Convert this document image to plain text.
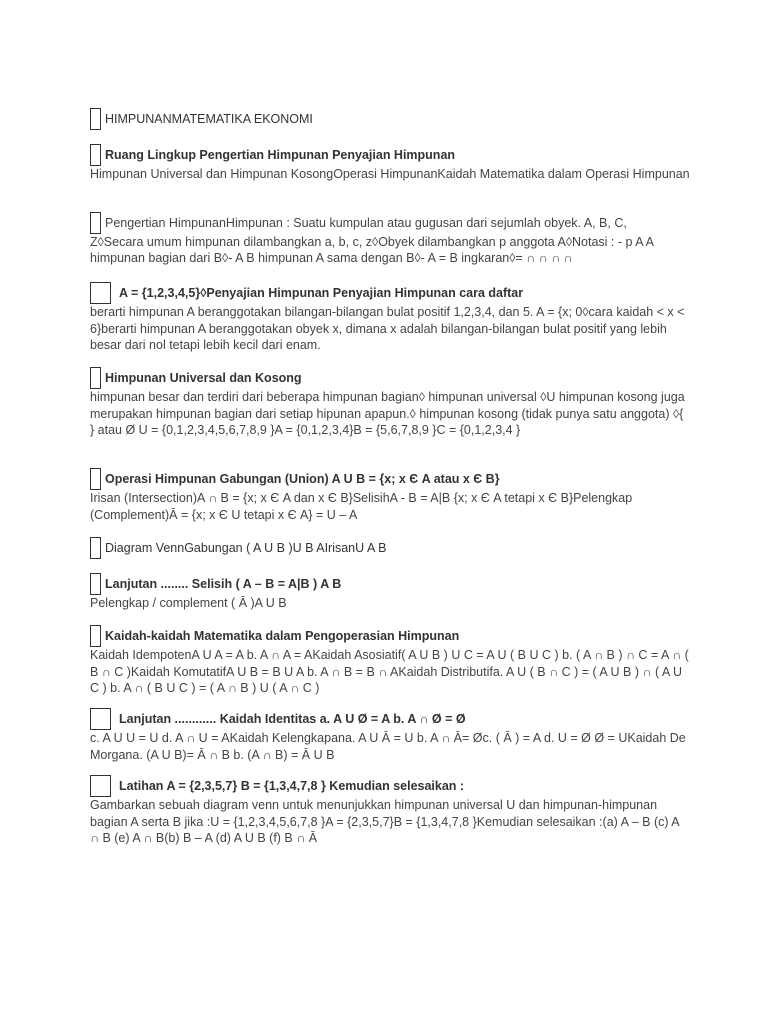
HIMPUNANMATEMATIKA EKONOMI
Ruang Lingkup Pengertian Himpunan Penyajian Himpunan
Himpunan Universal dan Himpunan KosongOperasi HimpunanKaidah Matematika dalam Operasi Himpunan
Pengertian HimpunanHimpunan : Suatu kumpulan atau gugusan dari sejumlah obyek. A, B, C,
Z◊Secara umum himpunan dilambangkan a, b, c, z◊Obyek dilambangkan p anggota A◊Notasi : - p A A himpunan bagian dari B◊- A B himpunan A sama dengan B◊- A = B ingkaran◊= ∩ ∩ ∩ ∩
A = {1,2,3,4,5}◊Penyajian Himpunan Penyajian Himpunan cara daftar
berarti himpunan A beranggotakan bilangan-bilangan bulat positif 1,2,3,4, dan 5. A = {x; 0◊cara kaidah < x < 6}berarti himpunan A beranggotakan obyek x, dimana x adalah bilangan-bilangan bulat positif yang lebih besar dari nol tetapi lebih kecil dari enam.
Himpunan Universal dan Kosong
himpunan besar dan terdiri dari beberapa himpunan bagian◊ himpunan universal ◊U himpunan kosong juga merupakan himpunan bagian dari setiap hipunan apapun.◊ himpunan kosong (tidak punya satu anggota) ◊{ } atau Ø U = {0,1,2,3,4,5,6,7,8,9 }A = {0,1,2,3,4}B = {5,6,7,8,9 }C = {0,1,2,3,4 }
Operasi Himpunan Gabungan (Union) A U B = {x; x Є A atau x Є B}
Irisan (Intersection)A ∩ B = {x; x Є A dan x Є B}SelisihA - B = A|B {x; x Є A tetapi x Є B}Pelengkap (Complement)Ā = {x; x Є U tetapi x Є A} = U – A
Diagram VennGabungan ( A U B )U B AIrisanU A B
Lanjutan ........ Selisih ( A – B = A|B ) A B
Pelengkap / complement ( Ā )A U B
Kaidah-kaidah Matematika dalam Pengoperasian Himpunan
Kaidah IdempotenA U A = A b. A ∩ A = AKaidah Asosiatif( A U B ) U C = A U ( B U C ) b. ( A ∩ B ) ∩ C = A ∩ ( B ∩ C )Kaidah KomutatifA U B = B U A b. A ∩ B = B ∩ AKaidah Distributifa. A U ( B ∩ C ) = ( A U B ) ∩ ( A U C ) b. A ∩ ( B U C ) = ( A ∩ B ) U ( A ∩ C )
Lanjutan ............ Kaidah Identitas a. A U Ø = A b. A ∩ Ø = Ø
c. A U U = U d. A ∩ U = AKaidah Kelengkapana. A U Ā = U b. A ∩ Ā= Øc. ( Ā ) = A d. U = Ø Ø = UKaidah De Morgana. (A U B)= Ā ∩ B b. (A ∩ B) = Ā U B
Latihan A = {2,3,5,7} B = {1,3,4,7,8 } Kemudian selesaikan :
Gambarkan sebuah diagram venn untuk menunjukkan himpunan universal U dan himpunan-himpunan bagian A serta B jika :U = {1,2,3,4,5,6,7,8 }A = {2,3,5,7}B = {1,3,4,7,8 }Kemudian selesaikan :(a) A – B (c) A ∩ B (e) A ∩ B(b) B – A (d) A U B (f) B ∩ Ā
